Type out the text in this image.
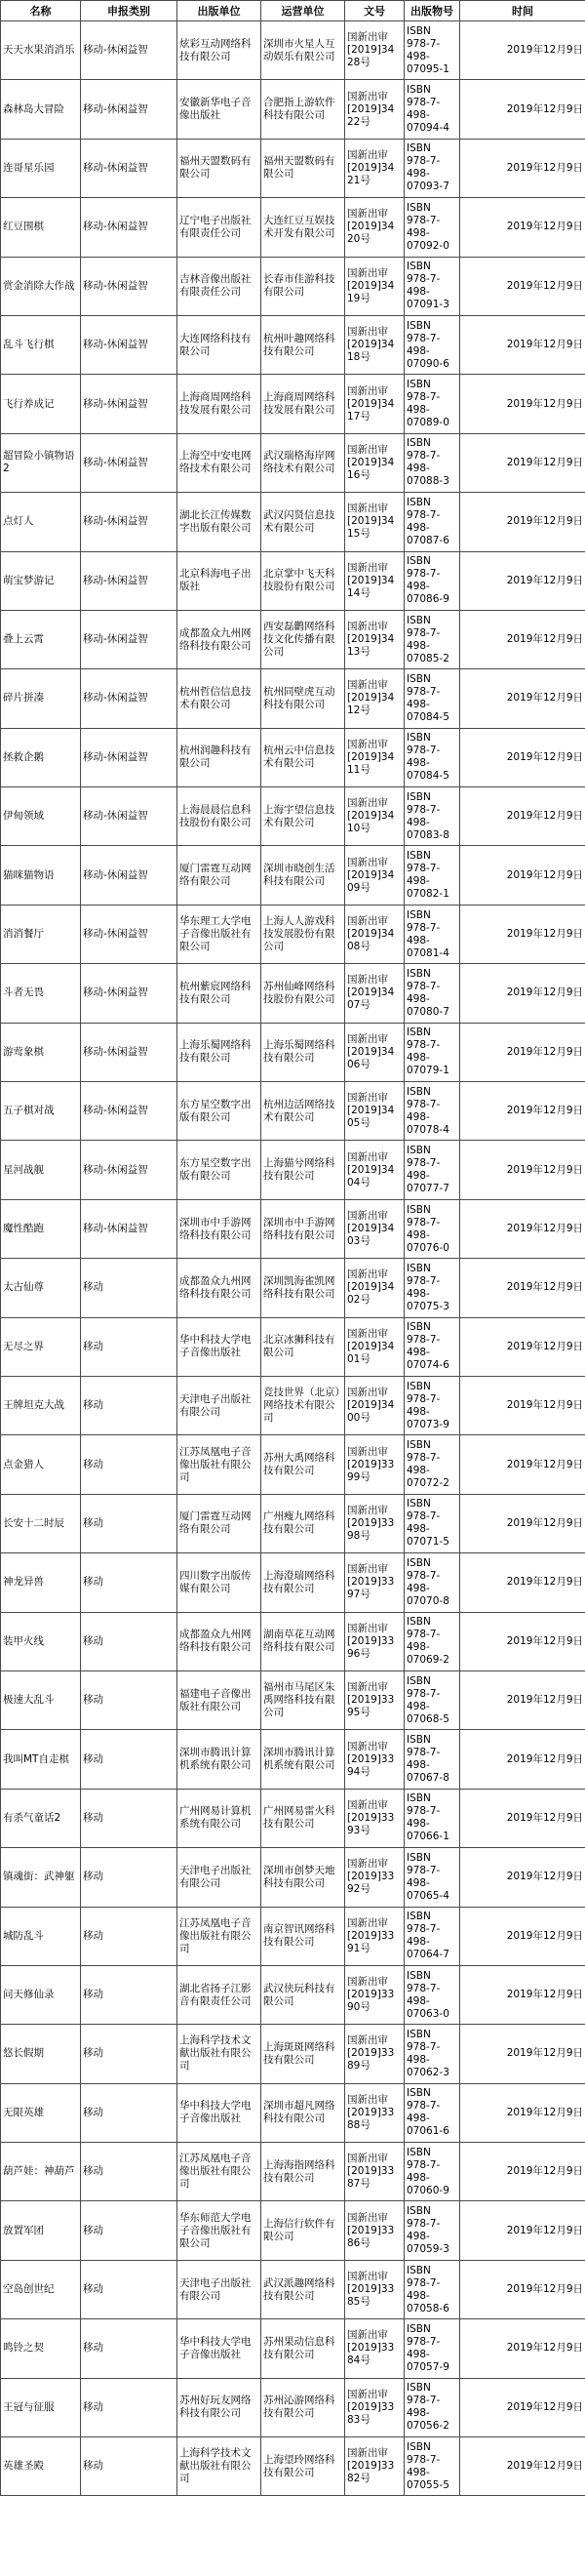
名称	申报类别	出版单位	运营单位	文号	出版物号	时间
天天水果消消乐	移动-休闲益智	炫彩互动网络科技有限公司	深圳市火星人互动娱乐有限公司	国新出审
[2019]34
28号	ISBN
978-7-
498-
07095-1	2019年12月9日
森林岛大冒险	移动-休闲益智	安徽新华电子音像出版社	合肥指上游软件科技有限公司	国新出审
[2019]34
22号	ISBN
978-7-
498-
07094-4	2019年12月9日
连哥星乐园	移动-休闲益智	福州天盟数码有限公司	福州天盟数码有限公司	国新出审
[2019]34
21号	ISBN
978-7-
498-
07093-7	2019年12月9日
红豆围棋	移动-休闲益智	辽宁电子出版社有限责任公司	大连红豆互娱技术开发有限公司	国新出审
[2019]34
20号	ISBN
978-7-
498-
07092-0	2019年12月9日
赏金消除大作战	移动-休闲益智	吉林音像出版社有限责任公司	长春市佳游科技有限公司	国新出审
[2019]34
19号	ISBN
978-7-
498-
07091-3	2019年12月9日
乱斗飞行棋	移动-休闲益智	大连网络科技有限公司	杭州叶趣网络科技有限公司	国新出审
[2019]34
18号	ISBN
978-7-
498-
07090-6	2019年12月9日
飞行养成记	移动-休闲益智	上海商周网络科技发展有限公司	上海商周网络科技发展有限公司	国新出审
[2019]34
17号	ISBN
978-7-
498-
07089-0	2019年12月9日
超冒险小镇物语2	移动-休闲益智	上海空中安电网络技术有限公司	武汉瑞格海岸网络技术有限公司	国新出审
[2019]34
16号	ISBN
978-7-
498-
07088-3	2019年12月9日
点灯人	移动-休闲益智	湖北长江传媒数字出版有限公司	武汉闪贤信息技术有限公司	国新出审
[2019]34
15号	ISBN
978-7-
498-
07087-6	2019年12月9日
萌宝梦游记	移动-休闲益智	北京科海电子出版社	北京掌中飞天科技股份有限公司	国新出审
[2019]34
14号	ISBN
978-7-
498-
07086-9	2019年12月9日
叠上云霄	移动-休闲益智	成都盈众九州网络科技有限公司	西安磊鹳网络科技文化传播有限公司	国新出审
[2019]34
13号	ISBN
978-7-
498-
07085-2	2019年12月9日
碎片拼凑	移动-休闲益智	杭州哲信信息技术有限公司	杭州同壁虎互动科技有限公司	国新出审
[2019]34
12号	ISBN
978-7-
498-
07084-5	2019年12月9日
拯救企鹅	移动-休闲益智	杭州润趣科技有限公司	杭州云中信息技术有限公司	国新出审
[2019]34
11号	ISBN
978-7-
498-
07084-5	2019年12月9日
伊甸领域	移动-休闲益智	上海晨晨信息科技股份有限公司	上海宇望信息技术有限公司	国新出审
[2019]34
10号	ISBN
978-7-
498-
07083-8	2019年12月9日
猫咪猫物语	移动-休闲益智	厦门雷霆互动网络有限公司	深圳市晓创生活科技有限公司	国新出审
[2019]34
09号	ISBN
978-7-
498-
07082-1	2019年12月9日
消消餐厅	移动-休闲益智	华东理工大学电子音像出版社有限公司	上海人人游戏科技发展股份有限公司	国新出审
[2019]34
08号	ISBN
978-7-
498-
07081-4	2019年12月9日
斗者无畏	移动-休闲益智	杭州紫宸网络科技有限公司	苏州仙峰网络科技股份有限公司	国新出审
[2019]34
07号	ISBN
978-7-
498-
07080-7	2019年12月9日
游莺象棋	移动-休闲益智	上海乐蜀网络科技有限公司	上海乐蜀网络科技有限公司	国新出审
[2019]34
06号	ISBN
978-7-
498-
07079-1	2019年12月9日
五子棋对战	移动-休闲益智	东方星空数字出版有限公司	杭州边活网络技术有限公司	国新出审
[2019]34
05号	ISBN
978-7-
498-
07078-4	2019年12月9日
星河战舰	移动-休闲益智	东方星空数字出版有限公司	上海猫兮网络科技有限公司	国新出审
[2019]34
04号	ISBN
978-7-
498-
07077-7	2019年12月9日
魔性酷跑	移动-休闲益智	深圳市中手游网络科技有限公司	深圳市中手游网络科技有限公司	国新出审
[2019]34
03号	ISBN
978-7-
498-
07076-0	2019年12月9日
太古仙尊	移动	成都盈众九州网络科技有限公司	深圳凯海雀凯网络科技有限公司	国新出审
[2019]34
02号	ISBN
978-7-
498-
07075-3	2019年12月9日
无尽之界	移动	华中科技大学电子音像出版社	北京冰狮科技有限公司	国新出审
[2019]34
01号	ISBN
978-7-
498-
07074-6	2019年12月9日
王牌坦克大战	移动	天津电子出版社有限公司	竞技世界（北京）网络技术有限公司	国新出审
[2019]34
00号	ISBN
978-7-
498-
07073-9	2019年12月9日
点金猎人	移动	江苏凤凰电子音像出版社有限公司	苏州大禹网络科技有限公司	国新出审
[2019]33
99号	ISBN
978-7-
498-
07072-2	2019年12月9日
长安十二时辰	移动	厦门雷霆互动网络有限公司	广州瘦九网络科技有限公司	国新出审
[2019]33
98号	ISBN
978-7-
498-
07071-5	2019年12月9日
神龙异兽	移动	四川数字出版传媒有限公司	上海澄瑞网络科技有限公司	国新出审
[2019]33
97号	ISBN
978-7-
498-
07070-8	2019年12月9日
装甲火线	移动	成都盈众九州网络科技有限公司	湖南草花互动网络科技有限公司	国新出审
[2019]33
96号	ISBN
978-7-
498-
07069-2	2019年12月9日
极速大乱斗	移动	福建电子音像出版社有限公司	福州市马尾区朱禹网络科技有限公司	国新出审
[2019]33
95号	ISBN
978-7-
498-
07068-5	2019年12月9日
我叫MT自走棋	移动	深圳市腾讯计算机系统有限公司	深圳市腾讯计算机系统有限公司	国新出审
[2019]33
94号	ISBN
978-7-
498-
07067-8	2019年12月9日
有杀气童话2	移动	广州网易计算机系统有限公司	广州网易雷火科技有限公司	国新出审
[2019]33
93号	ISBN
978-7-
498-
07066-1	2019年12月9日
镇魂街：武神躯	移动	天津电子出版社有限公司	深圳市创梦天地科技有限公司	国新出审
[2019]33
92号	ISBN
978-7-
498-
07065-4	2019年12月9日
城防乱斗	移动	江苏凤凰电子音像出版社有限公司	南京智讯网络科技有限公司	国新出审
[2019]33
91号	ISBN
978-7-
498-
07064-7	2019年12月9日
问天修仙录	移动	湖北省扬子江影音有限责任公司	武汉侠玩科技有限公司	国新出审
[2019]33
90号	ISBN
978-7-
498-
07063-0	2019年12月9日
悠长假期	移动	上海科学技术文献出版社有限公司	上海斑斑网络科技有限公司	国新出审
[2019]33
89号	ISBN
978-7-
498-
07062-3	2019年12月9日
无限英雄	移动	华中科技大学电子音像出版社	深圳市超凡网络科技有限公司	国新出审
[2019]33
88号	ISBN
978-7-
498-
07061-6	2019年12月9日
葫芦娃：神葫芦	移动	江苏凤凰电子音像出版社有限公司	上海海指网络科技有限公司	国新出审
[2019]33
87号	ISBN
978-7-
498-
07060-9	2019年12月9日
放置军团	移动	华东师范大学电子音像出版社有限公司	上海信行软件有限公司	国新出审
[2019]33
86号	ISBN
978-7-
498-
07059-3	2019年12月9日
空岛创世纪	移动	天津电子出版社有限公司	武汉派趣网络科技有限公司	国新出审
[2019]33
85号	ISBN
978-7-
498-
07058-6	2019年12月9日
鸣铃之契	移动	华中科技大学电子音像出版社	苏州果动信息科技有限公司	国新出审
[2019]33
84号	ISBN
978-7-
498-
07057-9	2019年12月9日
王冠与征服	移动	苏州好玩友网络科技有限公司	苏州沁游网络科技有限公司	国新出审
[2019]33
83号	ISBN
978-7-
498-
07056-2	2019年12月9日
英雄圣殿	移动	上海科学技术文献出版社有限公司	上海望玲网络科技有限公司	国新出审
[2019]33
82号	ISBN
978-7-
498-
07055-5	2019年12月9日
